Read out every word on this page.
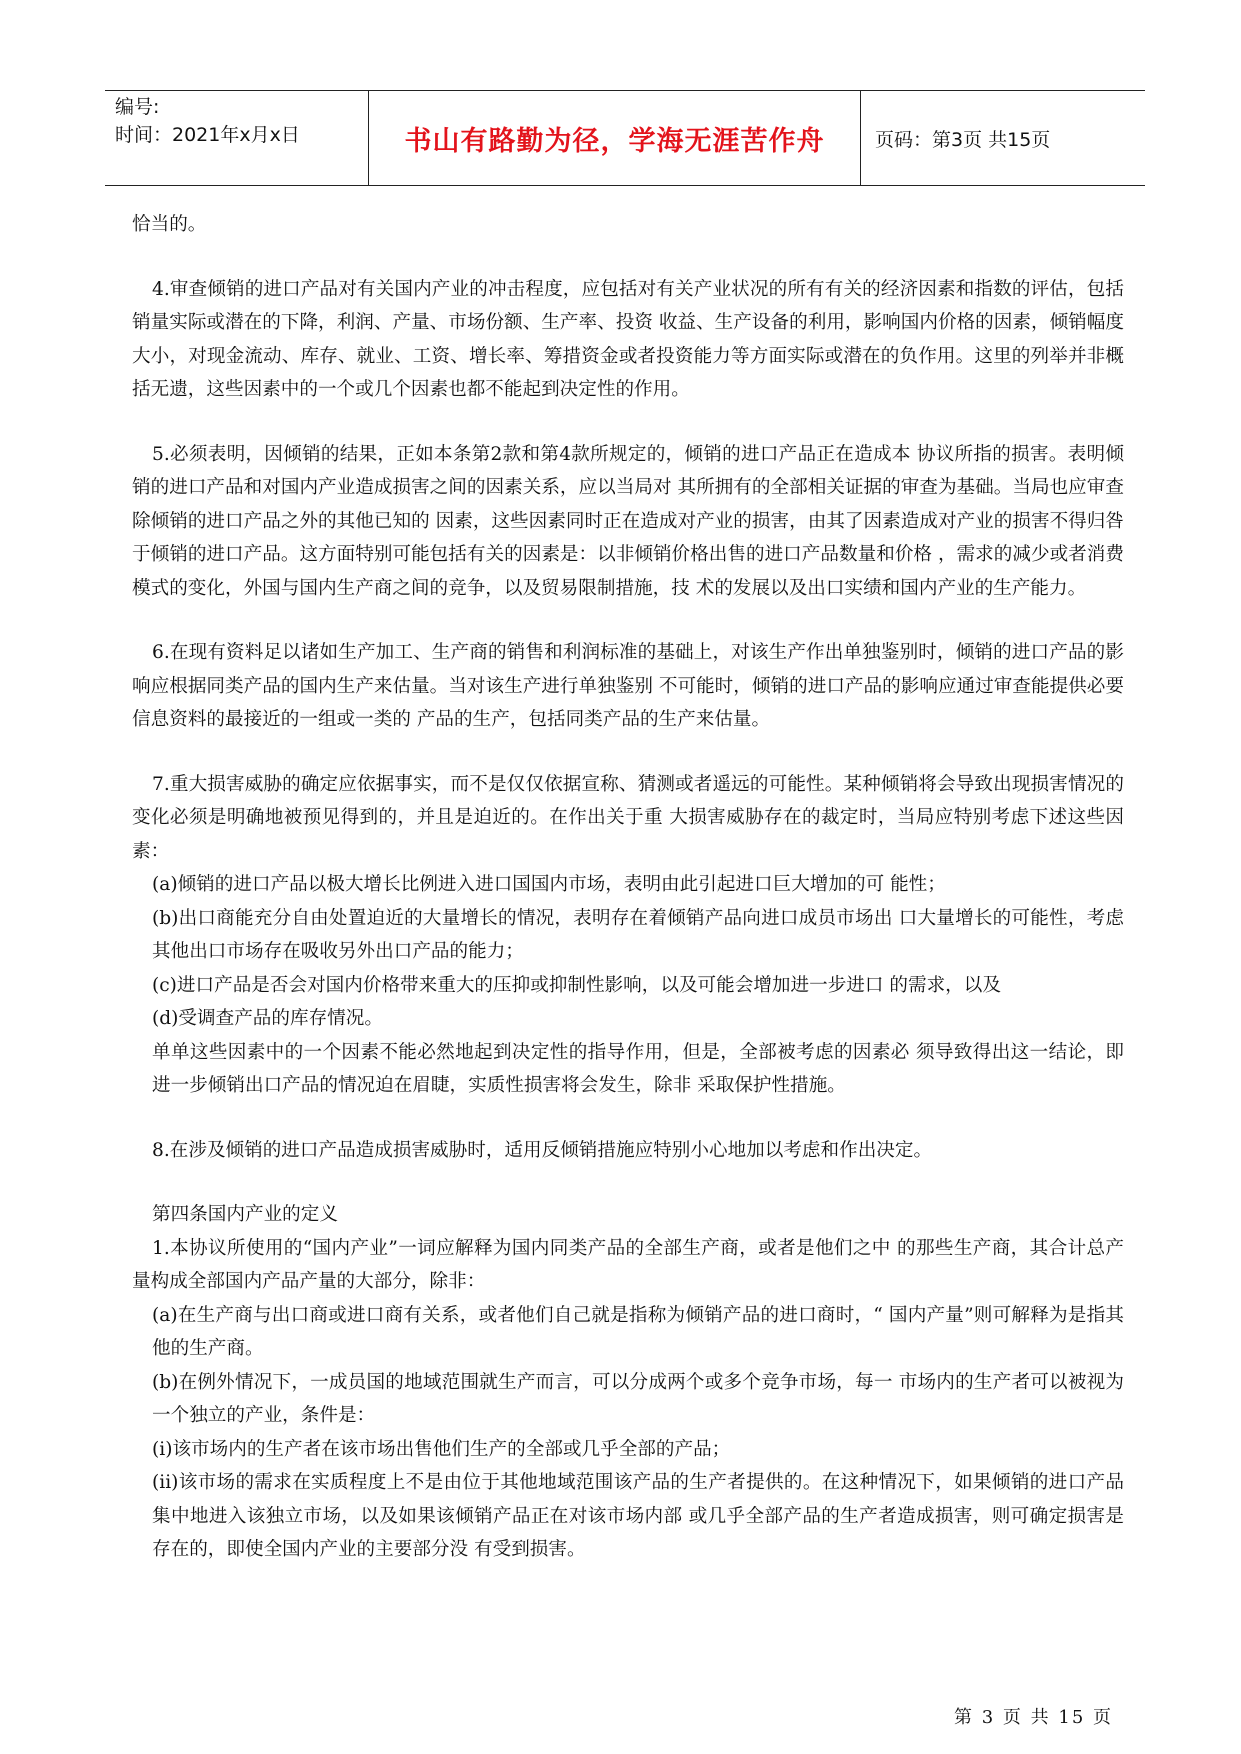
编号:
时间：2021年x月x日	书山有路勤为径，学海无涯苦作舟	页码：第3页 共15页

恰当的。

4.审查倾销的进口产品对有关国内产业的冲击程度，应包括对有关产业状况的所有有关的经济因素和指数的评估，包括销量实际或潜在的下降，利润、产量、市场份额、生产率、投资 收益、生产设备的利用，影响国内价格的因素，倾销幅度大小，对现金流动、库存、就业、工资、增长率、筹措资金或者投资能力等方面实际或潜在的负作用。这里的列举并非概括无遗，这些因素中的一个或几个因素也都不能起到决定性的作用。

5.必须表明，因倾销的结果，正如本条第2款和第4款所规定的，倾销的进口产品正在造成本 协议所指的损害。表明倾销的进口产品和对国内产业造成损害之间的因素关系，应以当局对 其所拥有的全部相关证据的审查为基础。当局也应审查除倾销的进口产品之外的其他已知的 因素，这些因素同时正在造成对产业的损害，由其了因素造成对产业的损害不得归咎于倾销的进口产品。这方面特别可能包括有关的因素是：以非倾销价格出售的进口产品数量和价格 ，需求的减少或者消费模式的变化，外国与国内生产商之间的竞争，以及贸易限制措施，技 术的发展以及出口实绩和国内产业的生产能力。

6.在现有资料足以诸如生产加工、生产商的销售和利润标准的基础上，对该生产作出单独鉴别时，倾销的进口产品的影响应根据同类产品的国内生产来估量。当对该生产进行单独鉴别 不可能时，倾销的进口产品的影响应通过审查能提供必要信息资料的最接近的一组或一类的 产品的生产，包括同类产品的生产来估量。

7.重大损害威胁的确定应依据事实，而不是仅仅依据宣称、猜测或者遥远的可能性。某种倾销将会导致出现损害情况的变化必须是明确地被预见得到的，并且是迫近的。在作出关于重 大损害威胁存在的裁定时，当局应特别考虑下述这些因素：

(a)倾销的进口产品以极大增长比例进入进口国国内市场，表明由此引起进口巨大增加的可 能性；

(b)出口商能充分自由处置迫近的大量增长的情况，表明存在着倾销产品向进口成员市场出 口大量增长的可能性，考虑其他出口市场存在吸收另外出口产品的能力；

(c)进口产品是否会对国内价格带来重大的压抑或抑制性影响，以及可能会增加进一步进口 的需求，以及

(d)受调查产品的库存情况。

单单这些因素中的一个因素不能必然地起到决定性的指导作用，但是，全部被考虑的因素必 须导致得出这一结论，即进一步倾销出口产品的情况迫在眉睫，实质性损害将会发生，除非 采取保护性措施。

8.在涉及倾销的进口产品造成损害威胁时，适用反倾销措施应特别小心地加以考虑和作出决定。

第四条国内产业的定义

1.本协议所使用的“国内产业”一词应解释为国内同类产品的全部生产商，或者是他们之中 的那些生产商，其合计总产量构成全部国内产品产量的大部分，除非：

(a)在生产商与出口商或进口商有关系，或者他们自己就是指称为倾销产品的进口商时，“ 国内产量”则可解释为是指其他的生产商。

(b)在例外情况下，一成员国的地域范围就生产而言，可以分成两个或多个竞争市场，每一 市场内的生产者可以被视为一个独立的产业，条件是：

(i)该市场内的生产者在该市场出售他们生产的全部或几乎全部的产品；

(ii)该市场的需求在实质程度上不是由位于其他地域范围该产品的生产者提供的。在这种情况下，如果倾销的进口产品集中地进入该独立市场，以及如果该倾销产品正在对该市场内部 或几乎全部产品的生产者造成损害，则可确定损害是存在的，即使全国内产业的主要部分没 有受到损害。

第 3 页 共 15 页
